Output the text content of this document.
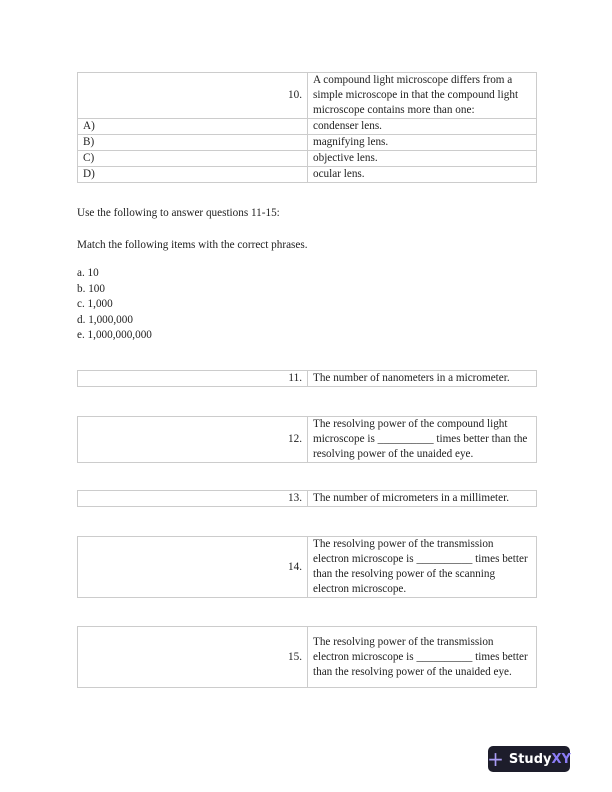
10.	A compound light microscope differs from a simple microscope in that the compound light microscope contains more than one:
A)	condenser lens.
B)	magnifying lens.
C)	objective lens.
D)	ocular lens.
Use the following to answer questions 11-15:
Match the following items with the correct phrases.
a. 10
b. 100
c. 1,000
d. 1,000,000
e. 1,000,000,000
11.	The number of nanometers in a micrometer.
12.	The resolving power of the compound light microscope is __________ times better than the resolving power of the unaided eye.
13.	The number of micrometers in a millimeter.
14.	The resolving power of the transmission electron microscope is __________ times better than the resolving power of the scanning electron microscope.
15.	The resolving power of the transmission electron microscope is __________ times better than the resolving power of the unaided eye.
+ StudyXY
